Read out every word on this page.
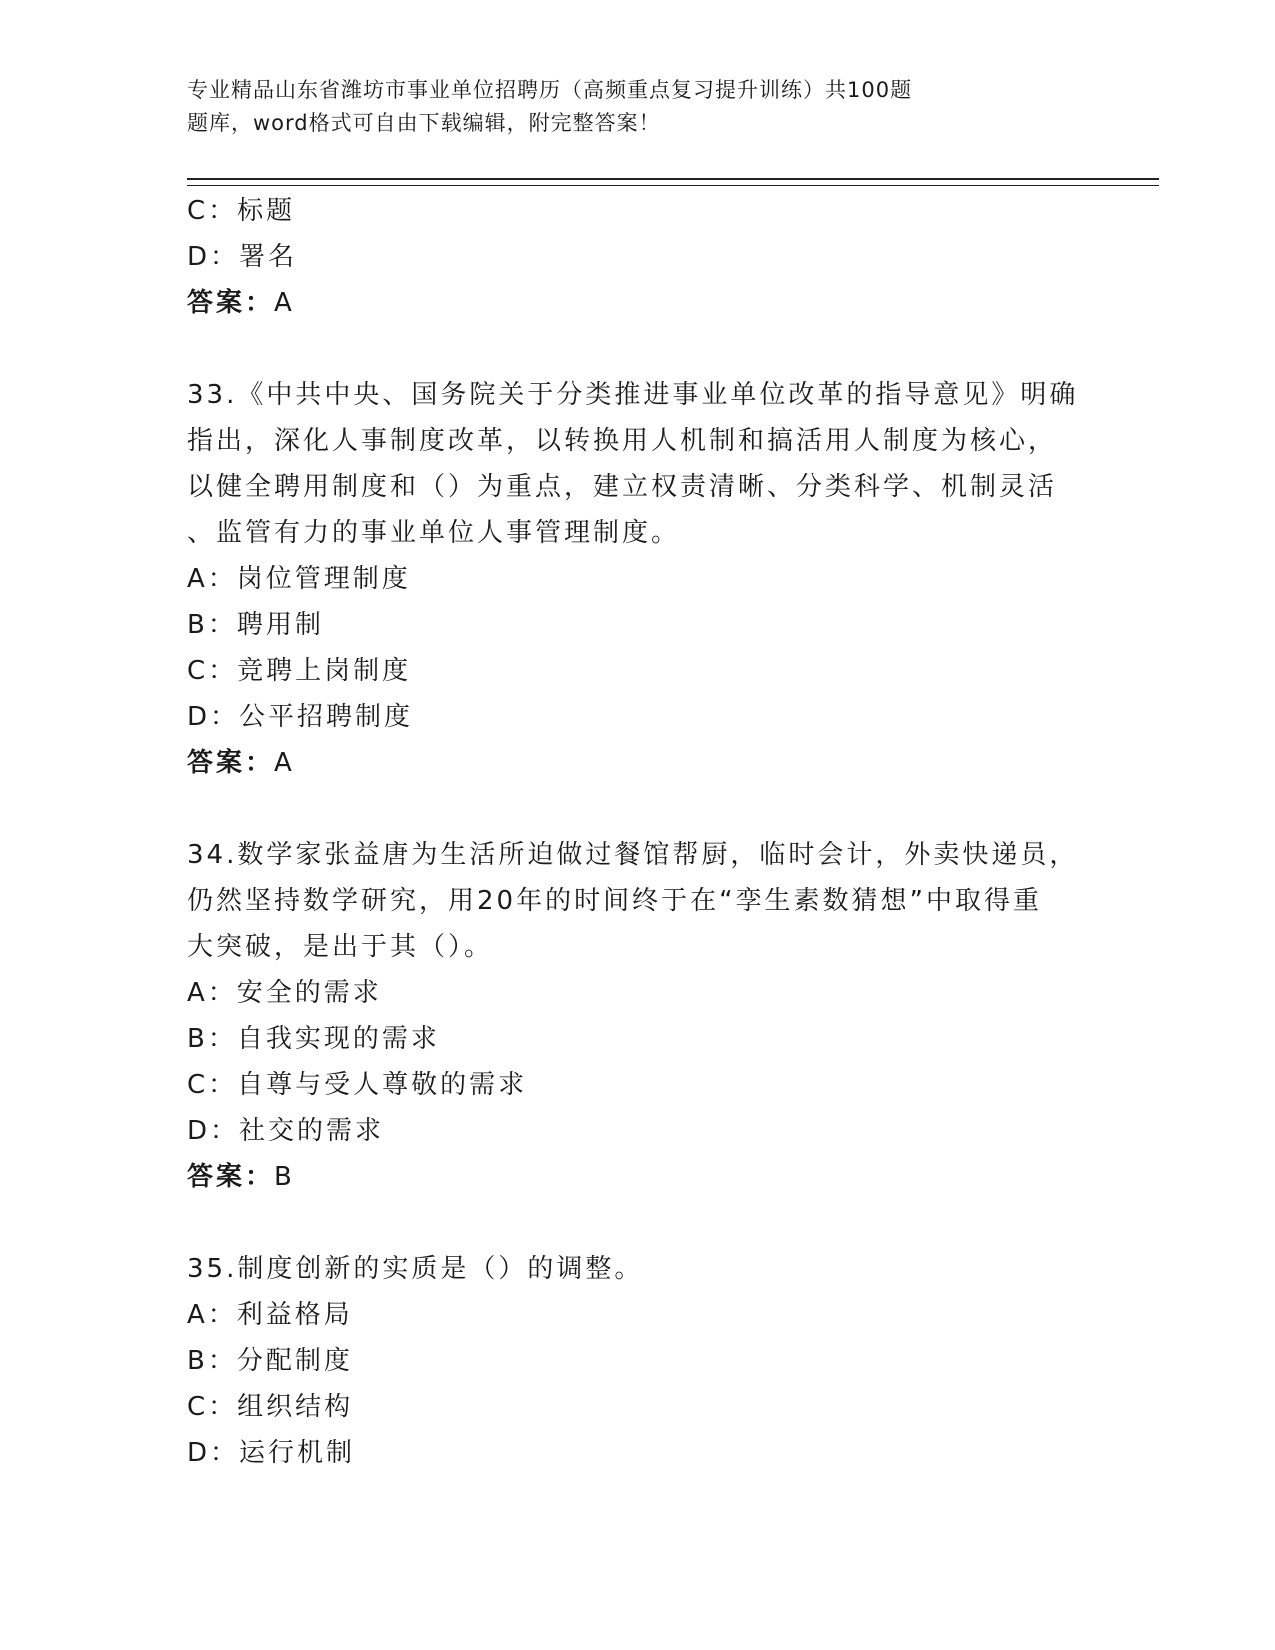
专业精品山东省潍坊市事业单位招聘历（高频重点复习提升训练）共100题
题库，word格式可自由下载编辑，附完整答案！
C：标题
D：署名
答案：A
33.《中共中央、国务院关于分类推进事业单位改革的指导意见》明确
指出，深化人事制度改革，以转换用人机制和搞活用人制度为核心，
以健全聘用制度和（）为重点，建立权责清晰、分类科学、机制灵活
、监管有力的事业单位人事管理制度。
A：岗位管理制度
B：聘用制
C：竞聘上岗制度
D：公平招聘制度
答案：A
34.数学家张益唐为生活所迫做过餐馆帮厨，临时会计，外卖快递员，
仍然坚持数学研究，用20年的时间终于在“孪生素数猜想”中取得重
大突破，是出于其（）。
A：安全的需求
B：自我实现的需求
C：自尊与受人尊敬的需求
D：社交的需求
答案：B
35.制度创新的实质是（）的调整。
A：利益格局
B：分配制度
C：组织结构
D：运行机制
